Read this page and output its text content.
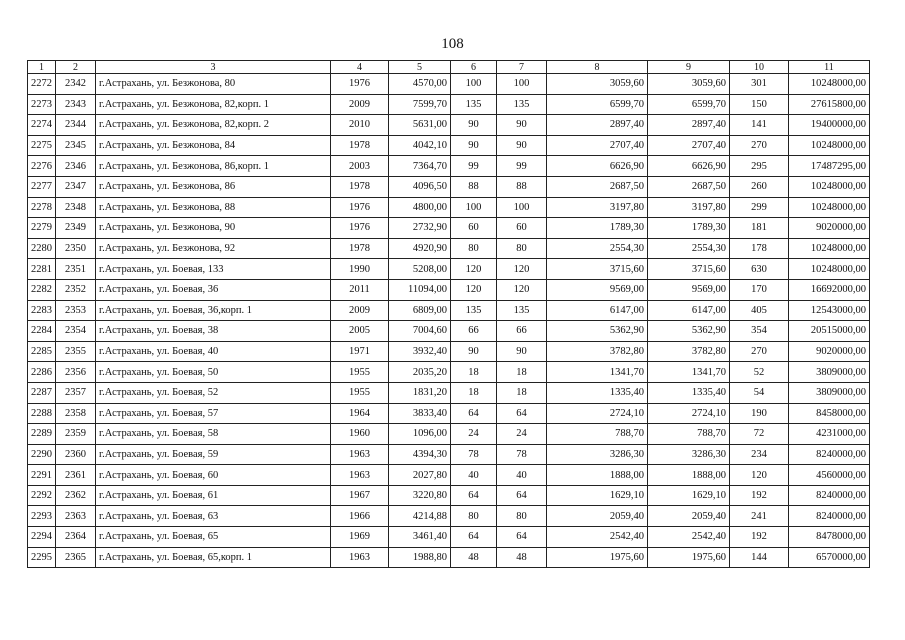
108
1	2	3	4	5	6	7	8	9	10	11
2272	2342	г.Астрахань, ул. Безжонова, 80	1976	4570,00	100	100	3059,60	3059,60	301	10248000,00
2273	2343	г.Астрахань, ул. Безжонова, 82,корп. 1	2009	7599,70	135	135	6599,70	6599,70	150	27615800,00
2274	2344	г.Астрахань, ул. Безжонова, 82,корп. 2	2010	5631,00	90	90	2897,40	2897,40	141	19400000,00
2275	2345	г.Астрахань, ул. Безжонова, 84	1978	4042,10	90	90	2707,40	2707,40	270	10248000,00
2276	2346	г.Астрахань, ул. Безжонова, 86,корп. 1	2003	7364,70	99	99	6626,90	6626,90	295	17487295,00
2277	2347	г.Астрахань, ул. Безжонова, 86	1978	4096,50	88	88	2687,50	2687,50	260	10248000,00
2278	2348	г.Астрахань, ул. Безжонова, 88	1976	4800,00	100	100	3197,80	3197,80	299	10248000,00
2279	2349	г.Астрахань, ул. Безжонова, 90	1976	2732,90	60	60	1789,30	1789,30	181	9020000,00
2280	2350	г.Астрахань, ул. Безжонова, 92	1978	4920,90	80	80	2554,30	2554,30	178	10248000,00
2281	2351	г.Астрахань, ул. Боевая, 133	1990	5208,00	120	120	3715,60	3715,60	630	10248000,00
2282	2352	г.Астрахань, ул. Боевая, 36	2011	11094,00	120	120	9569,00	9569,00	170	16692000,00
2283	2353	г.Астрахань, ул. Боевая, 36,корп. 1	2009	6809,00	135	135	6147,00	6147,00	405	12543000,00
2284	2354	г.Астрахань, ул. Боевая, 38	2005	7004,60	66	66	5362,90	5362,90	354	20515000,00
2285	2355	г.Астрахань, ул. Боевая, 40	1971	3932,40	90	90	3782,80	3782,80	270	9020000,00
2286	2356	г.Астрахань, ул. Боевая, 50	1955	2035,20	18	18	1341,70	1341,70	52	3809000,00
2287	2357	г.Астрахань, ул. Боевая, 52	1955	1831,20	18	18	1335,40	1335,40	54	3809000,00
2288	2358	г.Астрахань, ул. Боевая, 57	1964	3833,40	64	64	2724,10	2724,10	190	8458000,00
2289	2359	г.Астрахань, ул. Боевая, 58	1960	1096,00	24	24	788,70	788,70	72	4231000,00
2290	2360	г.Астрахань, ул. Боевая, 59	1963	4394,30	78	78	3286,30	3286,30	234	8240000,00
2291	2361	г.Астрахань, ул. Боевая, 60	1963	2027,80	40	40	1888,00	1888,00	120	4560000,00
2292	2362	г.Астрахань, ул. Боевая, 61	1967	3220,80	64	64	1629,10	1629,10	192	8240000,00
2293	2363	г.Астрахань, ул. Боевая, 63	1966	4214,88	80	80	2059,40	2059,40	241	8240000,00
2294	2364	г.Астрахань, ул. Боевая, 65	1969	3461,40	64	64	2542,40	2542,40	192	8478000,00
2295	2365	г.Астрахань, ул. Боевая, 65,корп. 1	1963	1988,80	48	48	1975,60	1975,60	144	6570000,00
